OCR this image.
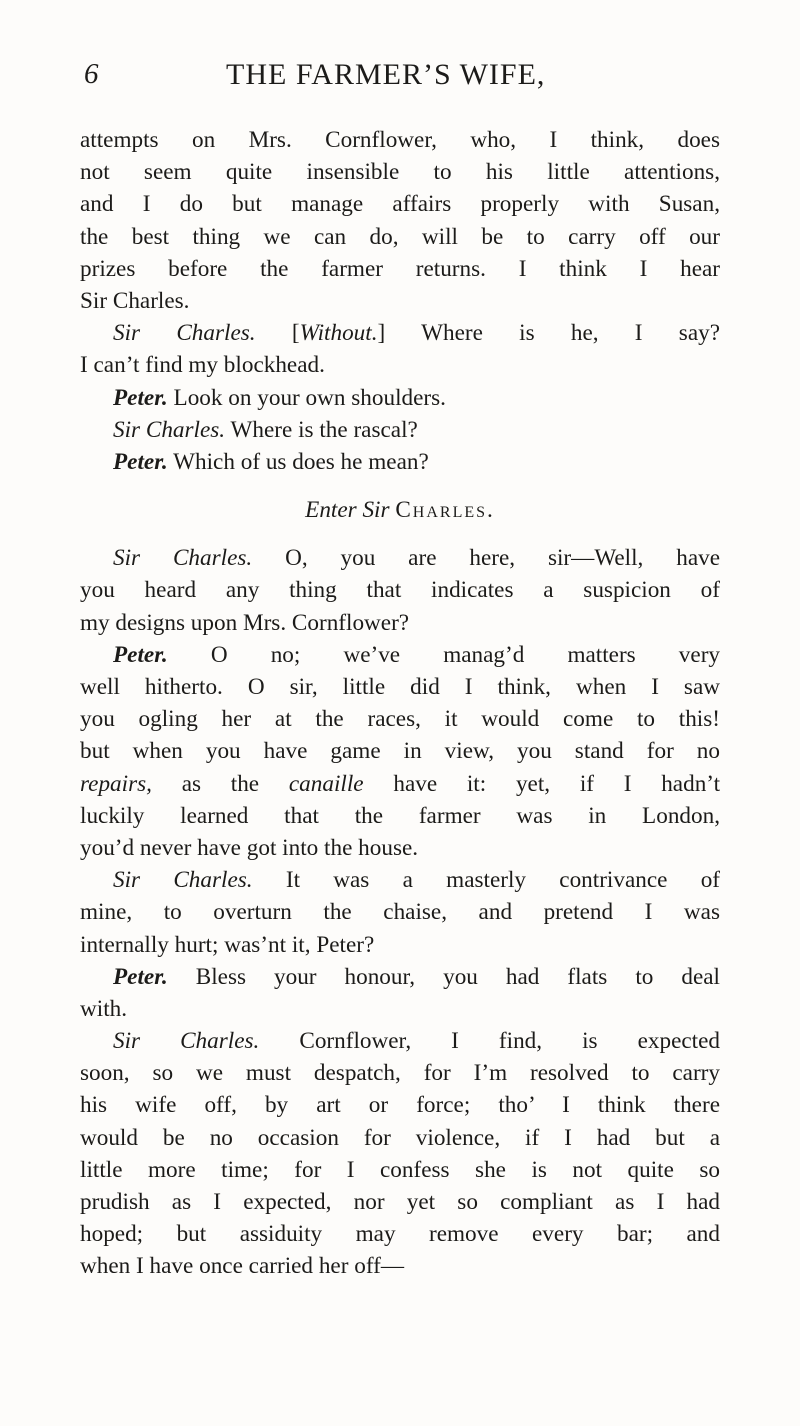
6	THE FARMER’S WIFE,
attempts on Mrs. Cornflower, who, I think, does
not seem quite insensible to his little attentions,
and I do but manage affairs properly with Susan,
the best thing we can do, will be to carry off our
prizes before the farmer returns. I think I hear
Sir Charles.
Sir Charles. [Without.] Where is he, I say?
I can’t find my blockhead.
Peter. Look on your own shoulders.
Sir Charles. Where is the rascal?
Peter. Which of us does he mean?
Enter Sir Charles.
Sir Charles. O, you are here, sir—Well, have
you heard any thing that indicates a suspicion of
my designs upon Mrs. Cornflower?
Peter. O no; we’ve manag’d matters very
well hitherto. O sir, little did I think, when I saw
you ogling her at the races, it would come to this!
but when you have game in view, you stand for no
repairs, as the canaille have it: yet, if I hadn’t
luckily learned that the farmer was in London,
you’d never have got into the house.
Sir Charles. It was a masterly contrivance of
mine, to overturn the chaise, and pretend I was
internally hurt; was’nt it, Peter?
Peter. Bless your honour, you had flats to deal
with.
Sir Charles. Cornflower, I find, is expected
soon, so we must despatch, for I’m resolved to carry
his wife off, by art or force; tho’ I think there
would be no occasion for violence, if I had but a
little more time; for I confess she is not quite so
prudish as I expected, nor yet so compliant as I had
hoped; but assiduity may remove every bar; and
when I have once carried her off—
